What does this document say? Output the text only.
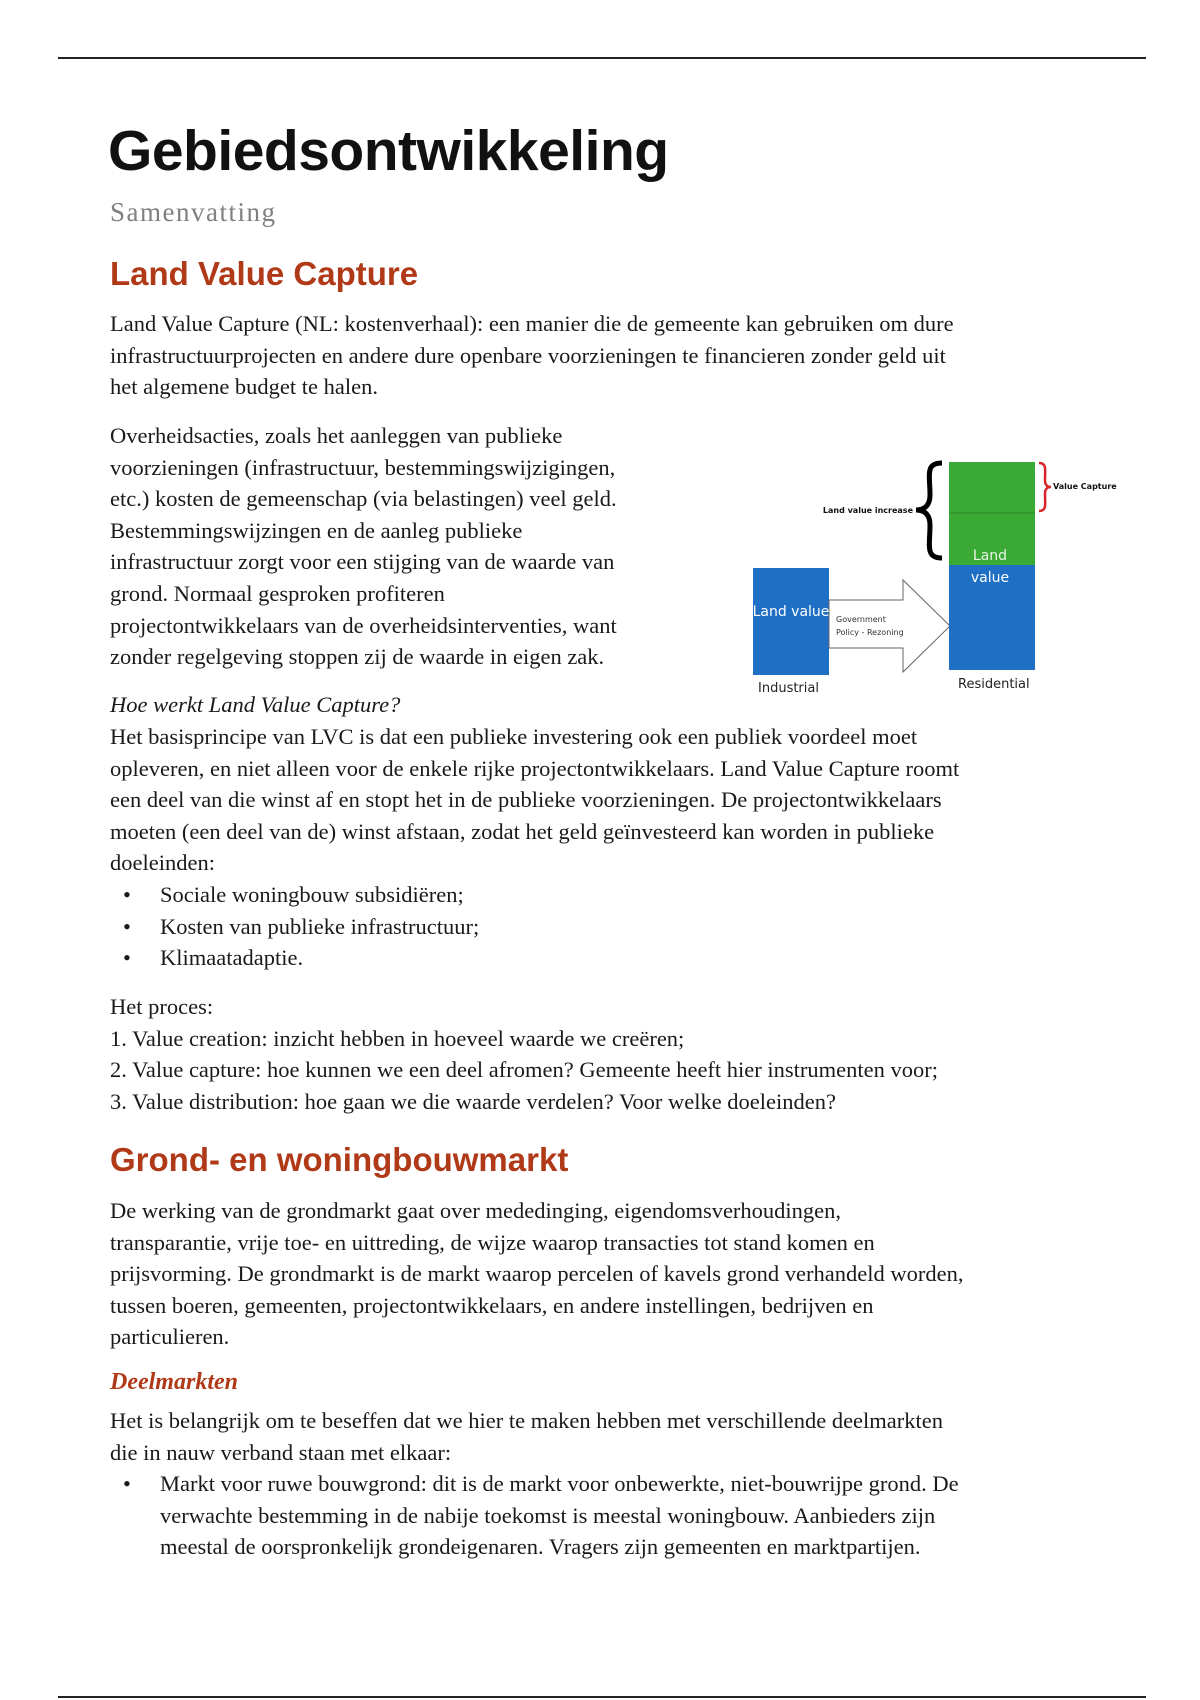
Gebiedsontwikkeling
Samenvatting
Land Value Capture
Land Value Capture (NL: kostenverhaal): een manier die de gemeente kan gebruiken om dure
infrastructuurprojecten en andere dure openbare voorzieningen te financieren zonder geld uit
het algemene budget te halen.
Overheidsacties, zoals het aanleggen van publieke
voorzieningen (infrastructuur, bestemmingswijzigingen,
etc.) kosten de gemeenschap (via belastingen) veel geld.
Bestemmingswijzingen en de aanleg publieke
infrastructuur zorgt voor een stijging van de waarde van
grond. Normaal gesproken profiteren
projectontwikkelaars van de overheidsinterventies, want
zonder regelgeving stoppen zij de waarde in eigen zak.
Land value
Industrial
Government
Policy - Rezoning
Land
value
Residential
Land value increase
Value Capture
Hoe werkt Land Value Capture?
Het basisprincipe van LVC is dat een publieke investering ook een publiek voordeel moet
opleveren, en niet alleen voor de enkele rijke projectontwikkelaars. Land Value Capture roomt
een deel van die winst af en stopt het in de publieke voorzieningen. De projectontwikkelaars
moeten (een deel van de) winst afstaan, zodat het geld geïnvesteerd kan worden in publieke
doeleinden:
• Sociale woningbouw subsidiëren;
• Kosten van publieke infrastructuur;
• Klimaatadaptie.
Het proces:
1. Value creation: inzicht hebben in hoeveel waarde we creëren;
2. Value capture: hoe kunnen we een deel afromen? Gemeente heeft hier instrumenten voor;
3. Value distribution: hoe gaan we die waarde verdelen? Voor welke doeleinden?
Grond- en woningbouwmarkt
De werking van de grondmarkt gaat over mededinging, eigendomsverhoudingen,
transparantie, vrije toe- en uittreding, de wijze waarop transacties tot stand komen en
prijsvorming. De grondmarkt is de markt waarop percelen of kavels grond verhandeld worden,
tussen boeren, gemeenten, projectontwikkelaars, en andere instellingen, bedrijven en
particulieren.
Deelmarkten
Het is belangrijk om te beseffen dat we hier te maken hebben met verschillende deelmarkten
die in nauw verband staan met elkaar:
• Markt voor ruwe bouwgrond: dit is de markt voor onbewerkte, niet-bouwrijpe grond. De
verwachte bestemming in de nabije toekomst is meestal woningbouw. Aanbieders zijn
meestal de oorspronkelijk grondeigenaren. Vragers zijn gemeenten en marktpartijen.
